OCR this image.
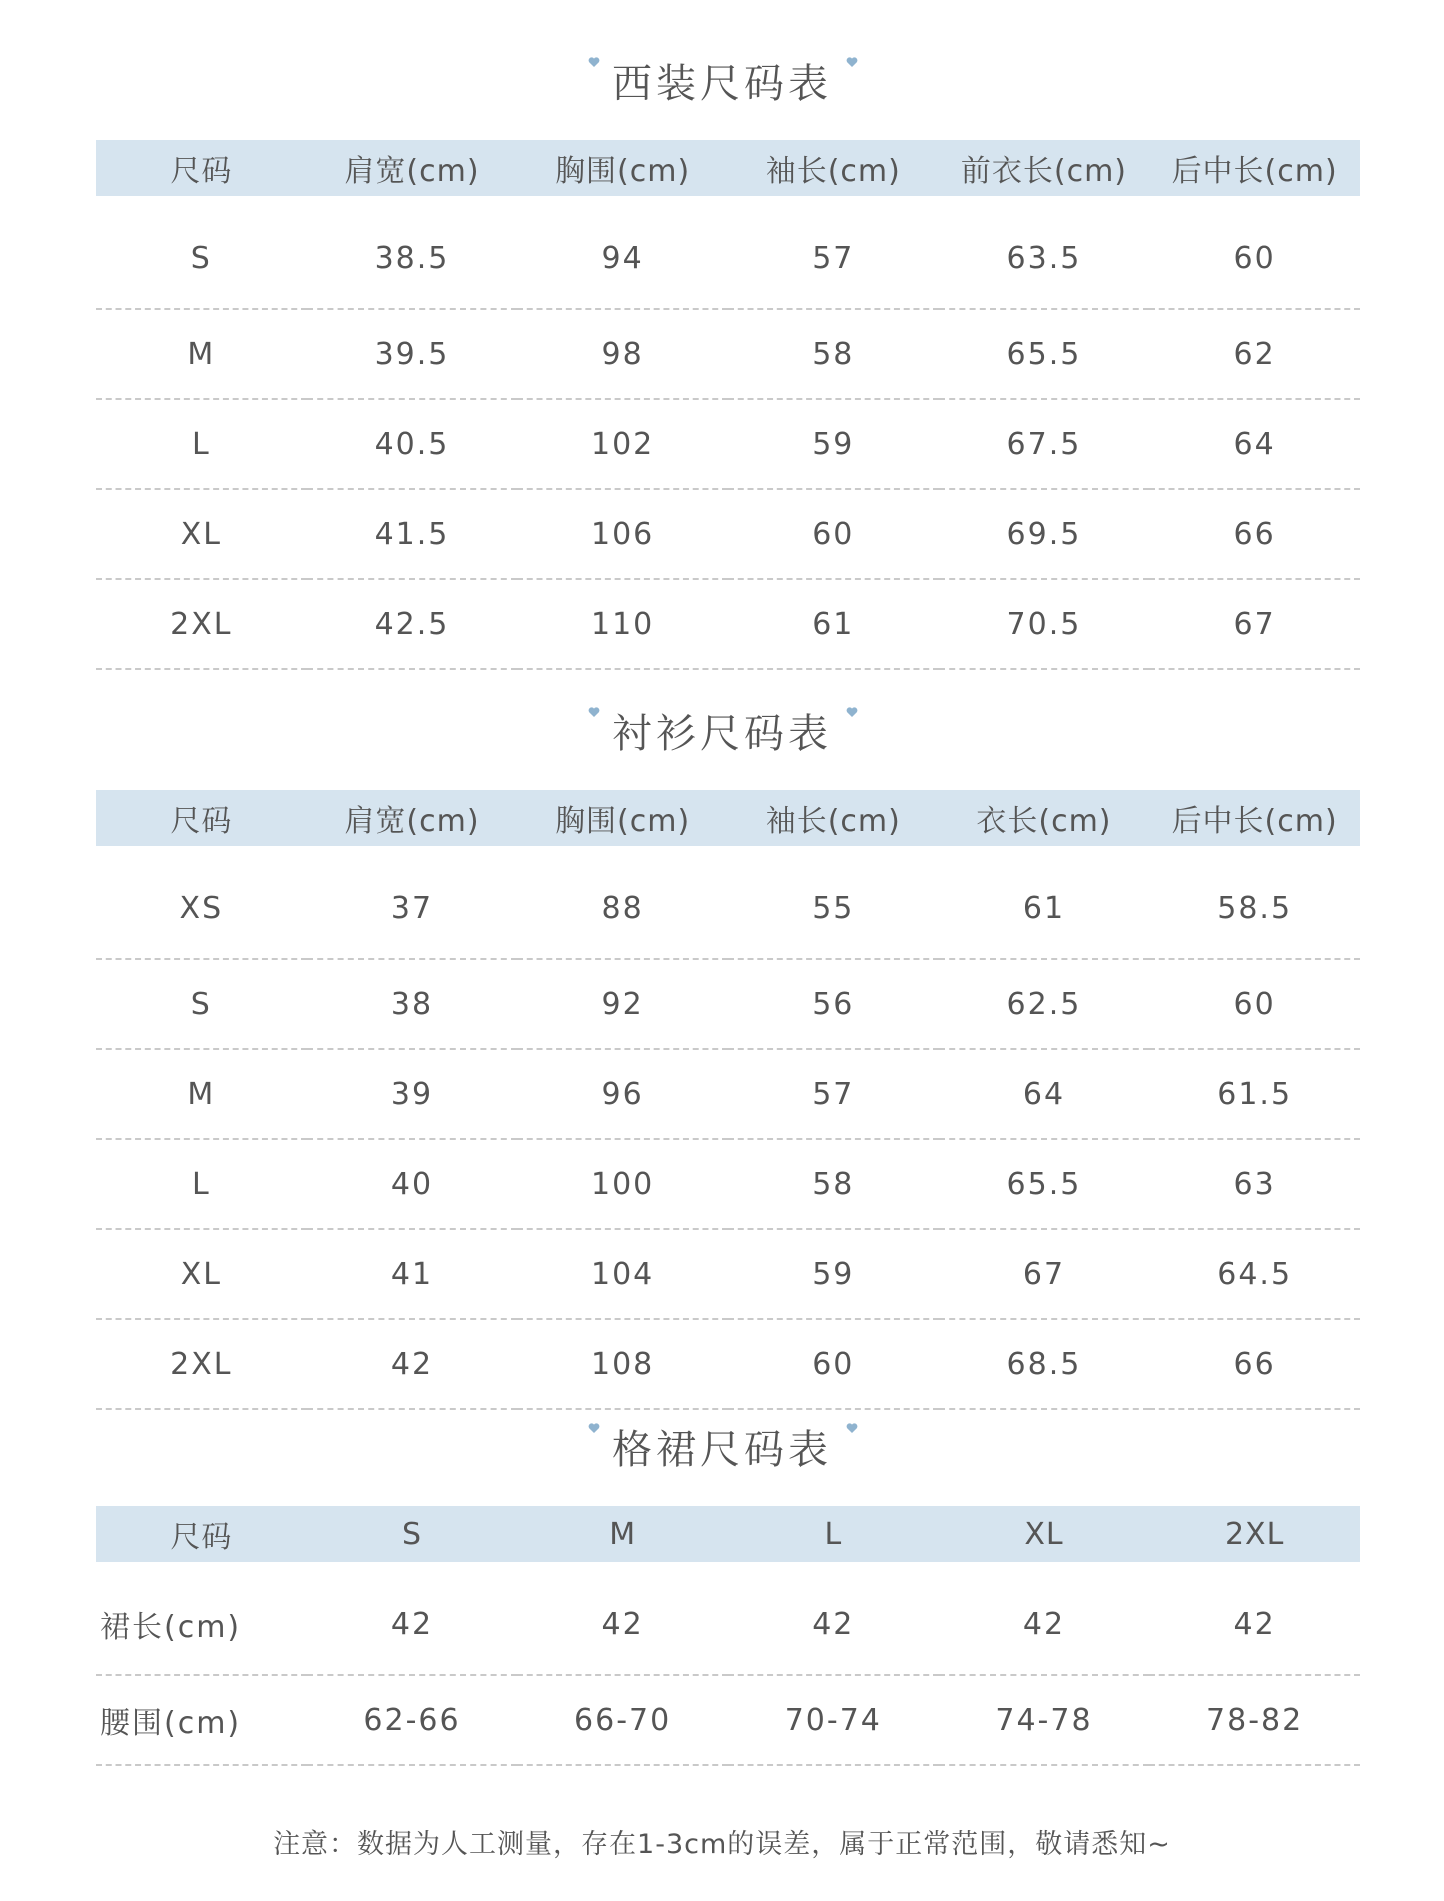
西装尺码表
尺码	肩宽(cm)	胸围(cm)	袖长(cm)	前衣长(cm)	后中长(cm)
S	38.5	94	57	63.5	60
M	39.5	98	58	65.5	62
L	40.5	102	59	67.5	64
XL	41.5	106	60	69.5	66
2XL	42.5	110	61	70.5	67
衬衫尺码表
尺码	肩宽(cm)	胸围(cm)	袖长(cm)	衣长(cm)	后中长(cm)
XS	37	88	55	61	58.5
S	38	92	56	62.5	60
M	39	96	57	64	61.5
L	40	100	58	65.5	63
XL	41	104	59	67	64.5
2XL	42	108	60	68.5	66
格裙尺码表
尺码	S	M	L	XL	2XL
裙长(cm)	42	42	42	42	42
腰围(cm)	62-66	66-70	70-74	74-78	78-82
注意：数据为人工测量，存在1-3cm的误差，属于正常范围，敬请悉知~
